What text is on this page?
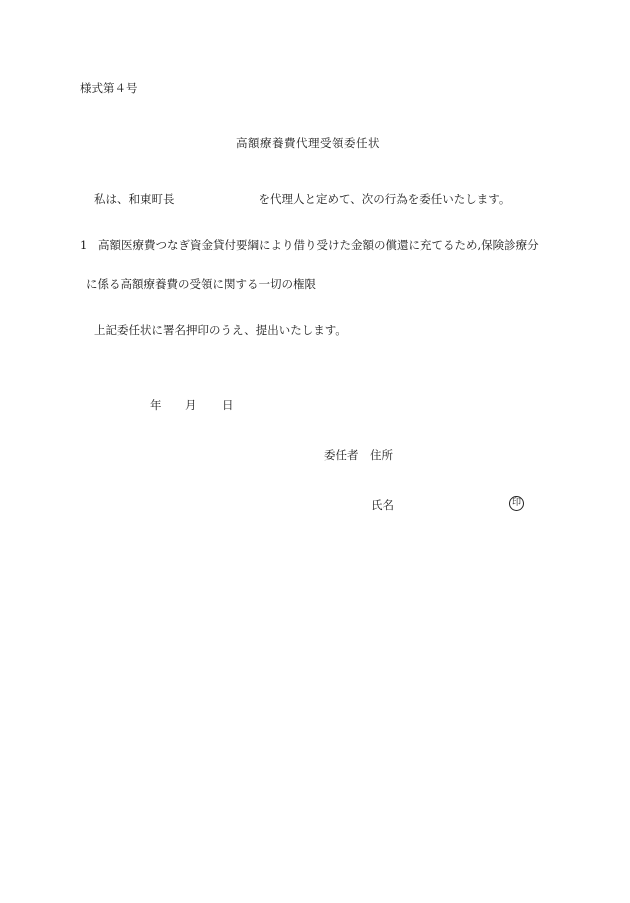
様式第４号
高額療養費代理受領委任状
私は、和東町長	を代理人と定めて、次の行為を委任いたします。
1 高額医療費つなぎ資金貸付要綱により借り受けた金額の償還に充てるため,保険診療分
に係る高額療養費の受領に関する一切の権限
上記委任状に署名押印のうえ、提出いたします。
年 月 日
委任者 住所
氏名	印
